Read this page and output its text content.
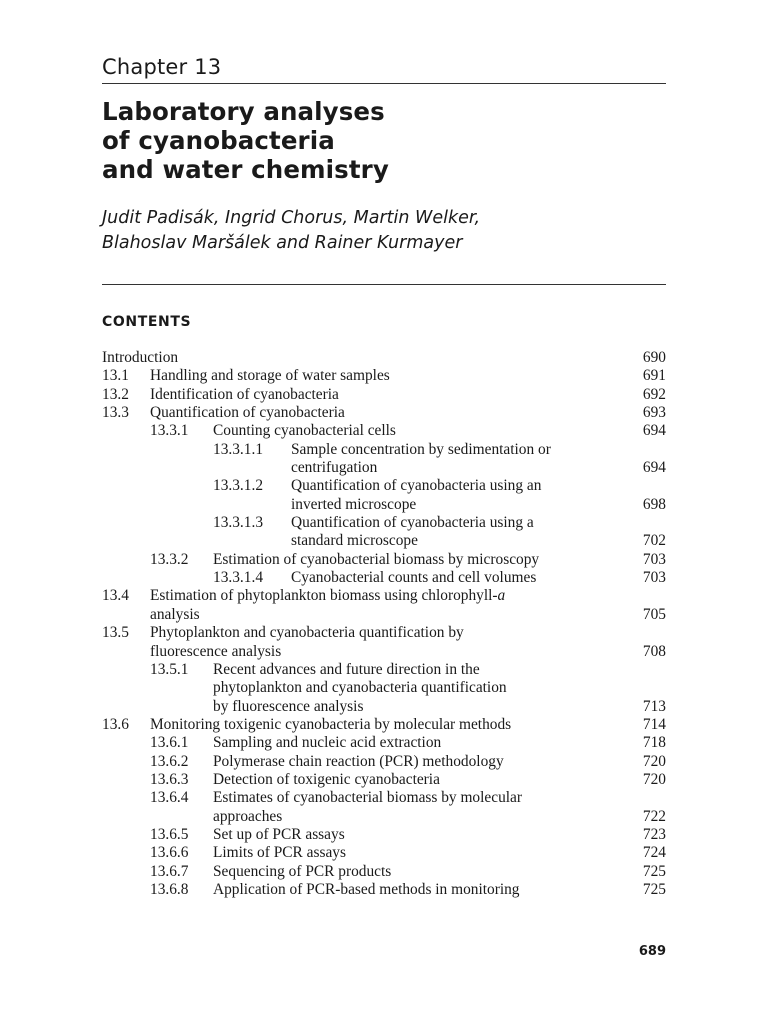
Chapter 13
Laboratory analyses
of cyanobacteria
and water chemistry
Judit Padisák, Ingrid Chorus, Martin Welker,
Blahoslav Maršálek and Rainer Kurmayer
CONTENTS
Introduction	690
13.1 Handling and storage of water samples	691
13.2 Identification of cyanobacteria	692
13.3 Quantification of cyanobacteria	693
13.3.1 Counting cyanobacterial cells	694
13.3.1.1 Sample concentration by sedimentation or
centrifugation	694
13.3.1.2 Quantification of cyanobacteria using an
inverted microscope	698
13.3.1.3 Quantification of cyanobacteria using a
standard microscope	702
13.3.2 Estimation of cyanobacterial biomass by microscopy	703
13.3.1.4 Cyanobacterial counts and cell volumes	703
13.4 Estimation of phytoplankton biomass using chlorophyll-a
analysis	705
13.5 Phytoplankton and cyanobacteria quantification by
fluorescence analysis	708
13.5.1 Recent advances and future direction in the
phytoplankton and cyanobacteria quantification
by fluorescence analysis	713
13.6 Monitoring toxigenic cyanobacteria by molecular methods	714
13.6.1 Sampling and nucleic acid extraction	718
13.6.2 Polymerase chain reaction (PCR) methodology	720
13.6.3 Detection of toxigenic cyanobacteria	720
13.6.4 Estimates of cyanobacterial biomass by molecular
approaches	722
13.6.5 Set up of PCR assays	723
13.6.6 Limits of PCR assays	724
13.6.7 Sequencing of PCR products	725
13.6.8 Application of PCR-based methods in monitoring	725
689
